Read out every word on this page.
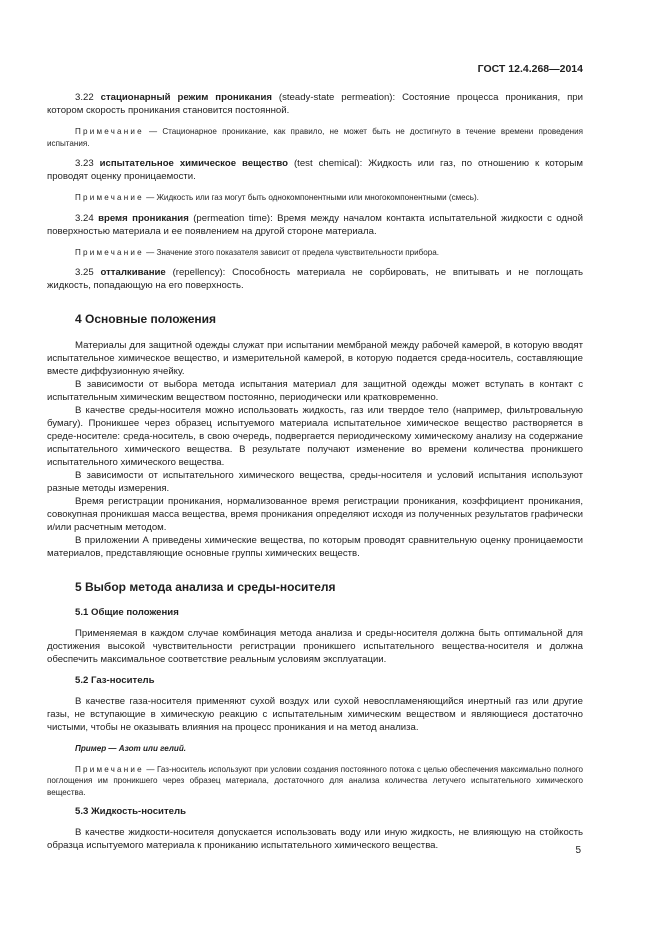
ГОСТ 12.4.268—2014

3.22 стационарный режим проникания (steady-state permeation): Состояние процесса проникания, при котором скорость проникания становится постоянной.

Примечание — Стационарное проникание, как правило, не может быть не достигнуто в течение времени проведения испытания.

3.23 испытательное химическое вещество (test chemical): Жидкость или газ, по отношению к которым проводят оценку проницаемости.

Примечание — Жидкость или газ могут быть однокомпонентными или многокомпонентными (смесь).

3.24 время проникания (permeation time): Время между началом контакта испытательной жидкости с одной поверхностью материала и ее появлением на другой стороне материала.

Примечание — Значение этого показателя зависит от предела чувствительности прибора.

3.25 отталкивание (repellency): Способность материала не сорбировать, не впитывать и не поглощать жидкость, попадающую на его поверхность.

4 Основные положения

Материалы для защитной одежды служат при испытании мембраной между рабочей камерой, в которую вводят испытательное химическое вещество, и измерительной камерой, в которую подается среда-носитель, составляющие вместе диффузионную ячейку.

В зависимости от выбора метода испытания материал для защитной одежды может вступать в контакт с испытательным химическим веществом постоянно, периодически или кратковременно.

В качестве среды-носителя можно использовать жидкость, газ или твердое тело (например, фильтровальную бумагу). Проникшее через образец испытуемого материала испытательное химическое вещество растворяется в среде-носителе: среда-носитель, в свою очередь, подвергается периодическому химическому анализу на содержание испытательного химического вещества. В результате получают изменение во времени количества проникшего испытательного химического вещества.

В зависимости от испытательного химического вещества, среды-носителя и условий испытания используют разные методы измерения.

Время регистрации проникания, нормализованное время регистрации проникания, коэффициент проникания, совокупная проникшая масса вещества, время проникания определяют исходя из полученных результатов графически и/или расчетным методом.

В приложении А приведены химические вещества, по которым проводят сравнительную оценку проницаемости материалов, представляющие основные группы химических веществ.

5 Выбор метода анализа и среды-носителя
5.1 Общие положения

Применяемая в каждом случае комбинация метода анализа и среды-носителя должна быть оптимальной для достижения высокой чувствительности регистрации проникшего испытательного вещества-носителя и должна обеспечить максимальное соответствие реальным условиям эксплуатации.

5.2 Газ-носитель

В качестве газа-носителя применяют сухой воздух или сухой невоспламеняющийся инертный газ или другие газы, не вступающие в химическую реакцию с испытательным химическим веществом и являющиеся достаточно чистыми, чтобы не оказывать влияния на процесс проникания и на метод анализа.

Пример — Азот или гелий.

Примечание — Газ-носитель используют при условии создания постоянного потока с целью обеспечения максимально полного поглощения им проникшего через образец материала, достаточного для анализа количества летучего испытательного химического вещества.

5.3 Жидкость-носитель

В качестве жидкости-носителя допускается использовать воду или иную жидкость, не влияющую на стойкость образца испытуемого материала к прониканию испытательного химического вещества.	5
